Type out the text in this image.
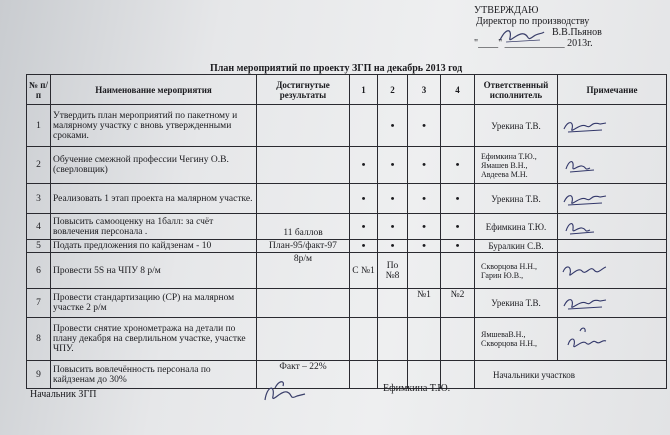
УТВЕРЖДАЮ
Директор по производству
В.В.Пьянов
"____" ____________ 2013г.
План мероприятий по проекту ЗГП на декабрь 2013 год
№ п/п	Наименование мероприятия	Достигнутые результаты	1	2	3	4	Ответственный исполнитель	Примечание
1	Утвердить план мероприятий по пакетному и малярному участку с вновь утвержденными сроками.			•	•		Урекина Т.В.	

2	Обучение смежной профессии Чегину О.В.(сверловщик)		•	•	•	•	Ефимкина Т.Ю., Ямашев В.Н., Авдеева М.Н.	

3	Реализовать 1 этап проекта на малярном участке.		•	•	•	•	Урекина Т.В.	

4	Повысить самооценку на 1балл: за счёт вовлечения персонала .	11 баллов	•	•	•	•	Ефимкина Т.Ю.	

5	Подать предложения по кайдзенам - 10	План-95/факт-97	•	•	•	•	Буралкин С.В.	
6	Провести 5S на ЧПУ 8 р/м	8р/м	С №1	По №8			Скворцова Н.Н., Гарин Ю.В.,	

7	Провести стандартизацию (СР) на малярном участке 2 р/м				№1	№2	Урекина Т.В.	

8	Провести снятие хронометража на детали по плану декабря на сверлильном участке, участке ЧПУ.						ЯмшеваВ.Н., Скворцова Н.Н.,	

9	Повысить вовлечённость персонала по кайдзенам до 30%	Факт – 22%					Начальники участков	
Начальник ЗГП
Ефимкина Т.Ю.
